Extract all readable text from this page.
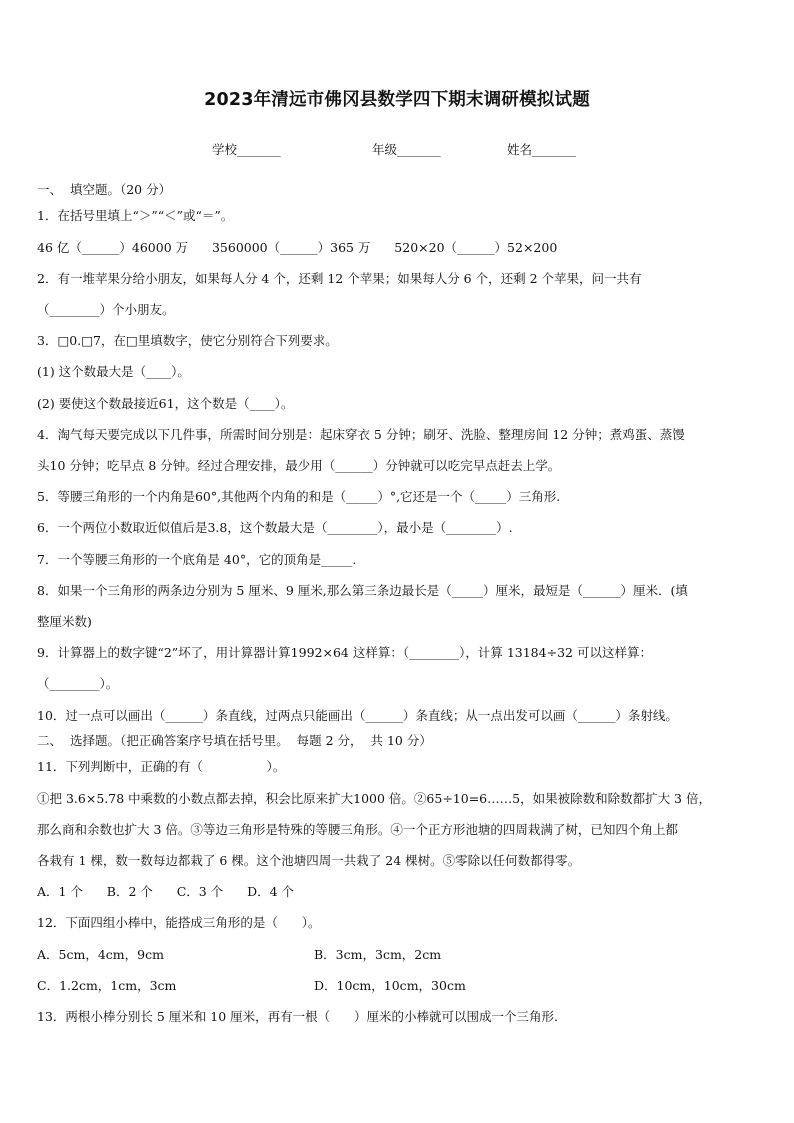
2023年清远市佛冈县数学四下期末调研模拟试题
学校_______	年级_______	姓名_______
一、  填空题。（20 分）
1．在括号里填上“＞”“＜”或“＝”。
46 亿（______）46000 万      3560000（______）365 万      520×20（______）52×200
2．有一堆苹果分给小朋友，如果每人分 4 个，还剩 12 个苹果；如果每人分 6 个，还剩 2 个苹果，问一共有
（________）个小朋友。
3．□0.□7，在□里填数字，使它分别符合下列要求。
(1) 这个数最大是（____）。
(2) 要使这个数最接近61，这个数是（____）。
4．淘气每天要完成以下几件事，所需时间分别是：起床穿衣 5 分钟；刷牙、洗脸、整理房间 12 分钟；煮鸡蛋、蒸馒
头10 分钟；吃早点 8 分钟。经过合理安排，最少用（______）分钟就可以吃完早点赶去上学。
5．等腰三角形的一个内角是60°,其他两个内角的和是（_____）°,它还是一个（_____）三角形.
6．一个两位小数取近似值后是3.8，这个数最大是（________），最小是（________）.
7．一个等腰三角形的一个底角是 40°，它的顶角是_____.
8．如果一个三角形的两条边分别为 5 厘米、9 厘米,那么第三条边最长是（_____）厘米，最短是（______）厘米．(填
整厘米数)
9．计算器上的数字键“2”坏了，用计算器计算1992×64 这样算：（________），计算 13184÷32 可以这样算：
（________）。
10．过一点可以画出（______）条直线，过两点只能画出（______）条直线；从一点出发可以画（______）条射线。
二、  选择题。（把正确答案序号填在括号里。  每题 2 分，  共 10 分）
11．下列判断中，正确的有（                ）。
①把 3.6×5.78 中乘数的小数点都去掉，积会比原来扩大1000 倍。②65÷10=6……5，如果被除数和除数都扩大 3 倍，
那么商和余数也扩大 3 倍。③等边三角形是特殊的等腰三角形。④一个正方形池塘的四周栽满了树，已知四个角上都
各栽有 1 棵，数一数每边都栽了 6 棵。这个池塘四周一共栽了 24 棵树。⑤零除以任何数都得零。
A．1 个      B．2 个      C．3 个      D．4 个
12．下面四组小棒中，能搭成三角形的是（      ）。
A．5cm，4cm，9cm	B．3cm，3cm，2cm
C．1.2cm，1cm，3cm	D．10cm，10cm，30cm
13．两根小棒分别长 5 厘米和 10 厘米，再有一根（      ）厘米的小棒就可以围成一个三角形.
